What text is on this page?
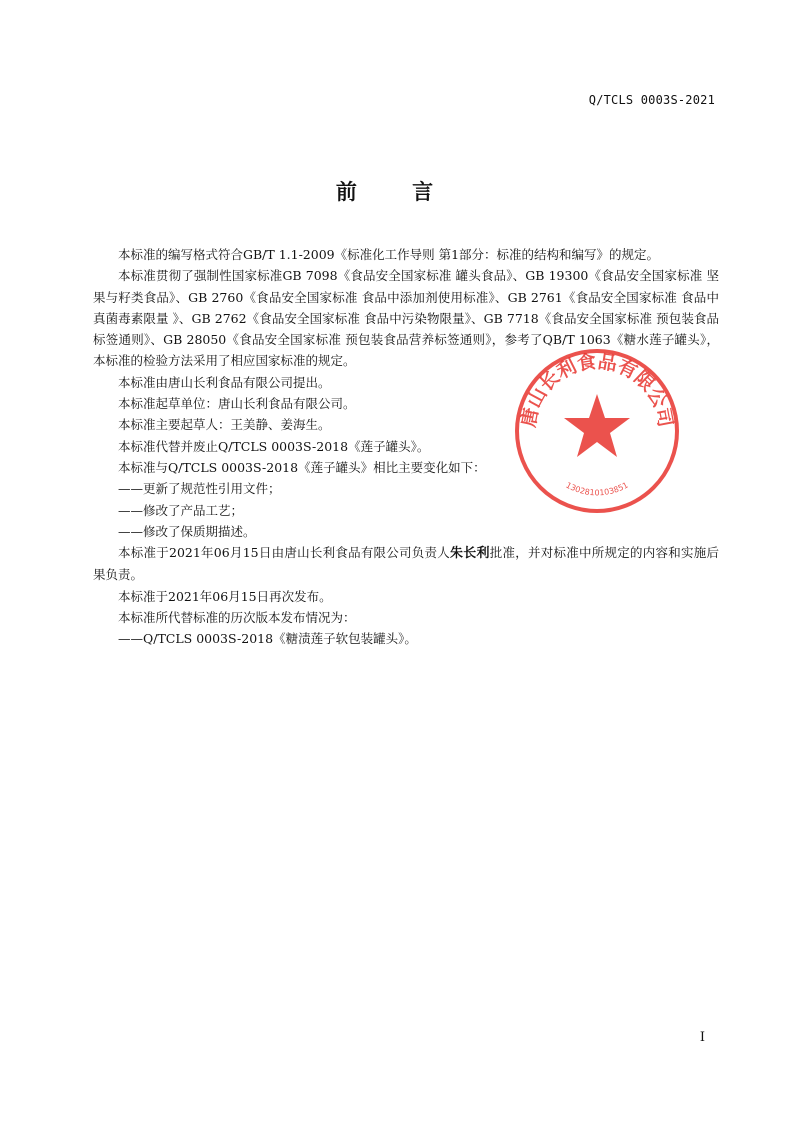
Q/TCLS 0003S-2021
前 言

本标准的编写格式符合GB/T 1.1-2009《标准化工作导则 第1部分：标准的结构和编写》的规定。

本标准贯彻了强制性国家标准GB 7098《食品安全国家标准 罐头食品》、GB 19300《食品安全国家标准 坚果与籽类食品》、GB 2760《食品安全国家标准 食品中添加剂使用标准》、GB 2761《食品安全国家标准 食品中真菌毒素限量 》、GB 2762《食品安全国家标准 食品中污染物限量》、GB 7718《食品安全国家标准 预包装食品标签通则》、GB 28050《食品安全国家标准 预包装食品营养标签通则》，参考了QB/T 1063《糖水莲子罐头》，本标准的检验方法采用了相应国家标准的规定。

本标准由唐山长利食品有限公司提出。

本标准起草单位：唐山长利食品有限公司。

本标准主要起草人：王美静、姜海生。

本标准代替并废止Q/TCLS 0003S-2018《莲子罐头》。

本标准与Q/TCLS 0003S-2018《莲子罐头》相比主要变化如下：

——更新了规范性引用文件；

——修改了产品工艺；

——修改了保质期描述。

本标准于2021年06月15日由唐山长利食品有限公司负责人朱长利批准，并对标准中所规定的内容和实施后果负责。

本标准于2021年06月15日再次发布。

本标准所代替标准的历次版本发布情况为：

——Q/TCLS 0003S-2018《糖渍莲子软包装罐头》。

唐山长利食品有限公司
1302810103851
I
